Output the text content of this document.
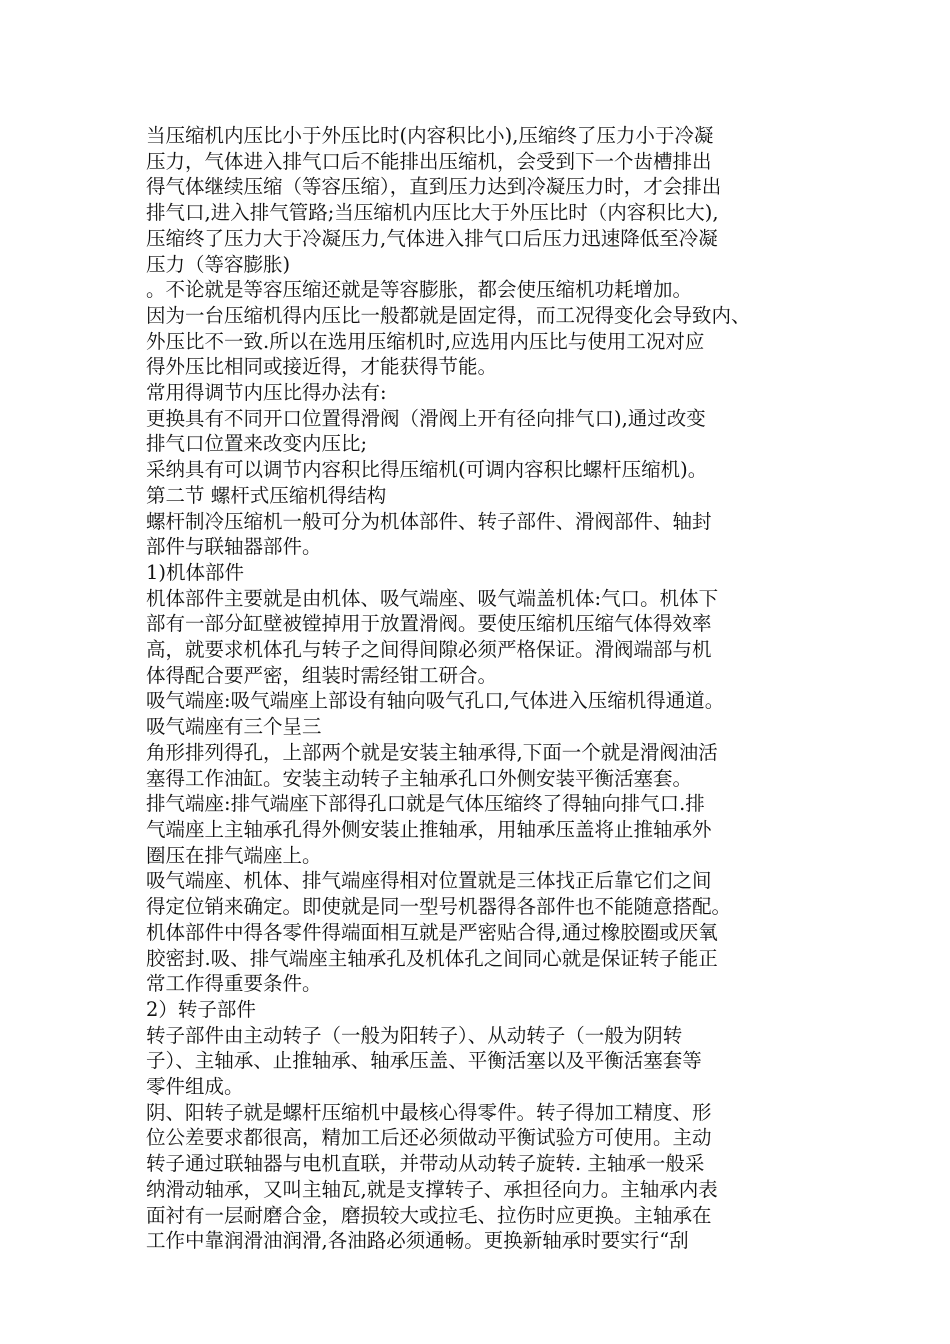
当压缩机内压比小于外压比时(内容积比小),压缩终了压力小于冷凝
压力，气体进入排气口后不能排出压缩机，会受到下一个齿槽排出
得气体继续压缩（等容压缩），直到压力达到冷凝压力时，才会排出
排气口,进入排气管路;当压缩机内压比大于外压比时（内容积比大),
压缩终了压力大于冷凝压力,气体进入排气口后压力迅速降低至冷凝
压力（等容膨胀)
。不论就是等容压缩还就是等容膨胀，都会使压缩机功耗增加。
因为一台压缩机得内压比一般都就是固定得，而工况得变化会导致内、
外压比不一致.所以在选用压缩机时,应选用内压比与使用工况对应
得外压比相同或接近得，才能获得节能。
常用得调节内压比得办法有:
更换具有不同开口位置得滑阀（滑阀上开有径向排气口),通过改变
排气口位置来改变内压比;
采纳具有可以调节内容积比得压缩机(可调内容积比螺杆压缩机)。
第二节 螺杆式压缩机得结构
螺杆制冷压缩机一般可分为机体部件、转子部件、滑阀部件、轴封
部件与联轴器部件。
1)机体部件
机体部件主要就是由机体、吸气端座、吸气端盖机体:气口。机体下
部有一部分缸壁被镗掉用于放置滑阀。要使压缩机压缩气体得效率
高，就要求机体孔与转子之间得间隙必须严格保证。滑阀端部与机
体得配合要严密，组装时需经钳工研合。
吸气端座:吸气端座上部设有轴向吸气孔口,气体进入压缩机得通道。
吸气端座有三个呈三
角形排列得孔，上部两个就是安装主轴承得,下面一个就是滑阀油活
塞得工作油缸。安装主动转子主轴承孔口外侧安装平衡活塞套。
排气端座:排气端座下部得孔口就是气体压缩终了得轴向排气口.排
气端座上主轴承孔得外侧安装止推轴承，用轴承压盖将止推轴承外
圈压在排气端座上。
吸气端座、机体、排气端座得相对位置就是三体找正后靠它们之间
得定位销来确定。即使就是同一型号机器得各部件也不能随意搭配。
机体部件中得各零件得端面相互就是严密贴合得,通过橡胶圈或厌氧
胶密封.吸、排气端座主轴承孔及机体孔之间同心就是保证转子能正
常工作得重要条件。
2）转子部件
转子部件由主动转子（一般为阳转子）、从动转子（一般为阴转
子）、主轴承、止推轴承、轴承压盖、平衡活塞以及平衡活塞套等
零件组成。
阴、阳转子就是螺杆压缩机中最核心得零件。转子得加工精度、形
位公差要求都很高，精加工后还必须做动平衡试验方可使用。主动
转子通过联轴器与电机直联，并带动从动转子旋转. 主轴承一般采
纳滑动轴承，又叫主轴瓦,就是支撑转子、承担径向力。主轴承内表
面衬有一层耐磨合金，磨损较大或拉毛、拉伤时应更换。主轴承在
工作中靠润滑油润滑,各油路必须通畅。更换新轴承时要实行“刮
